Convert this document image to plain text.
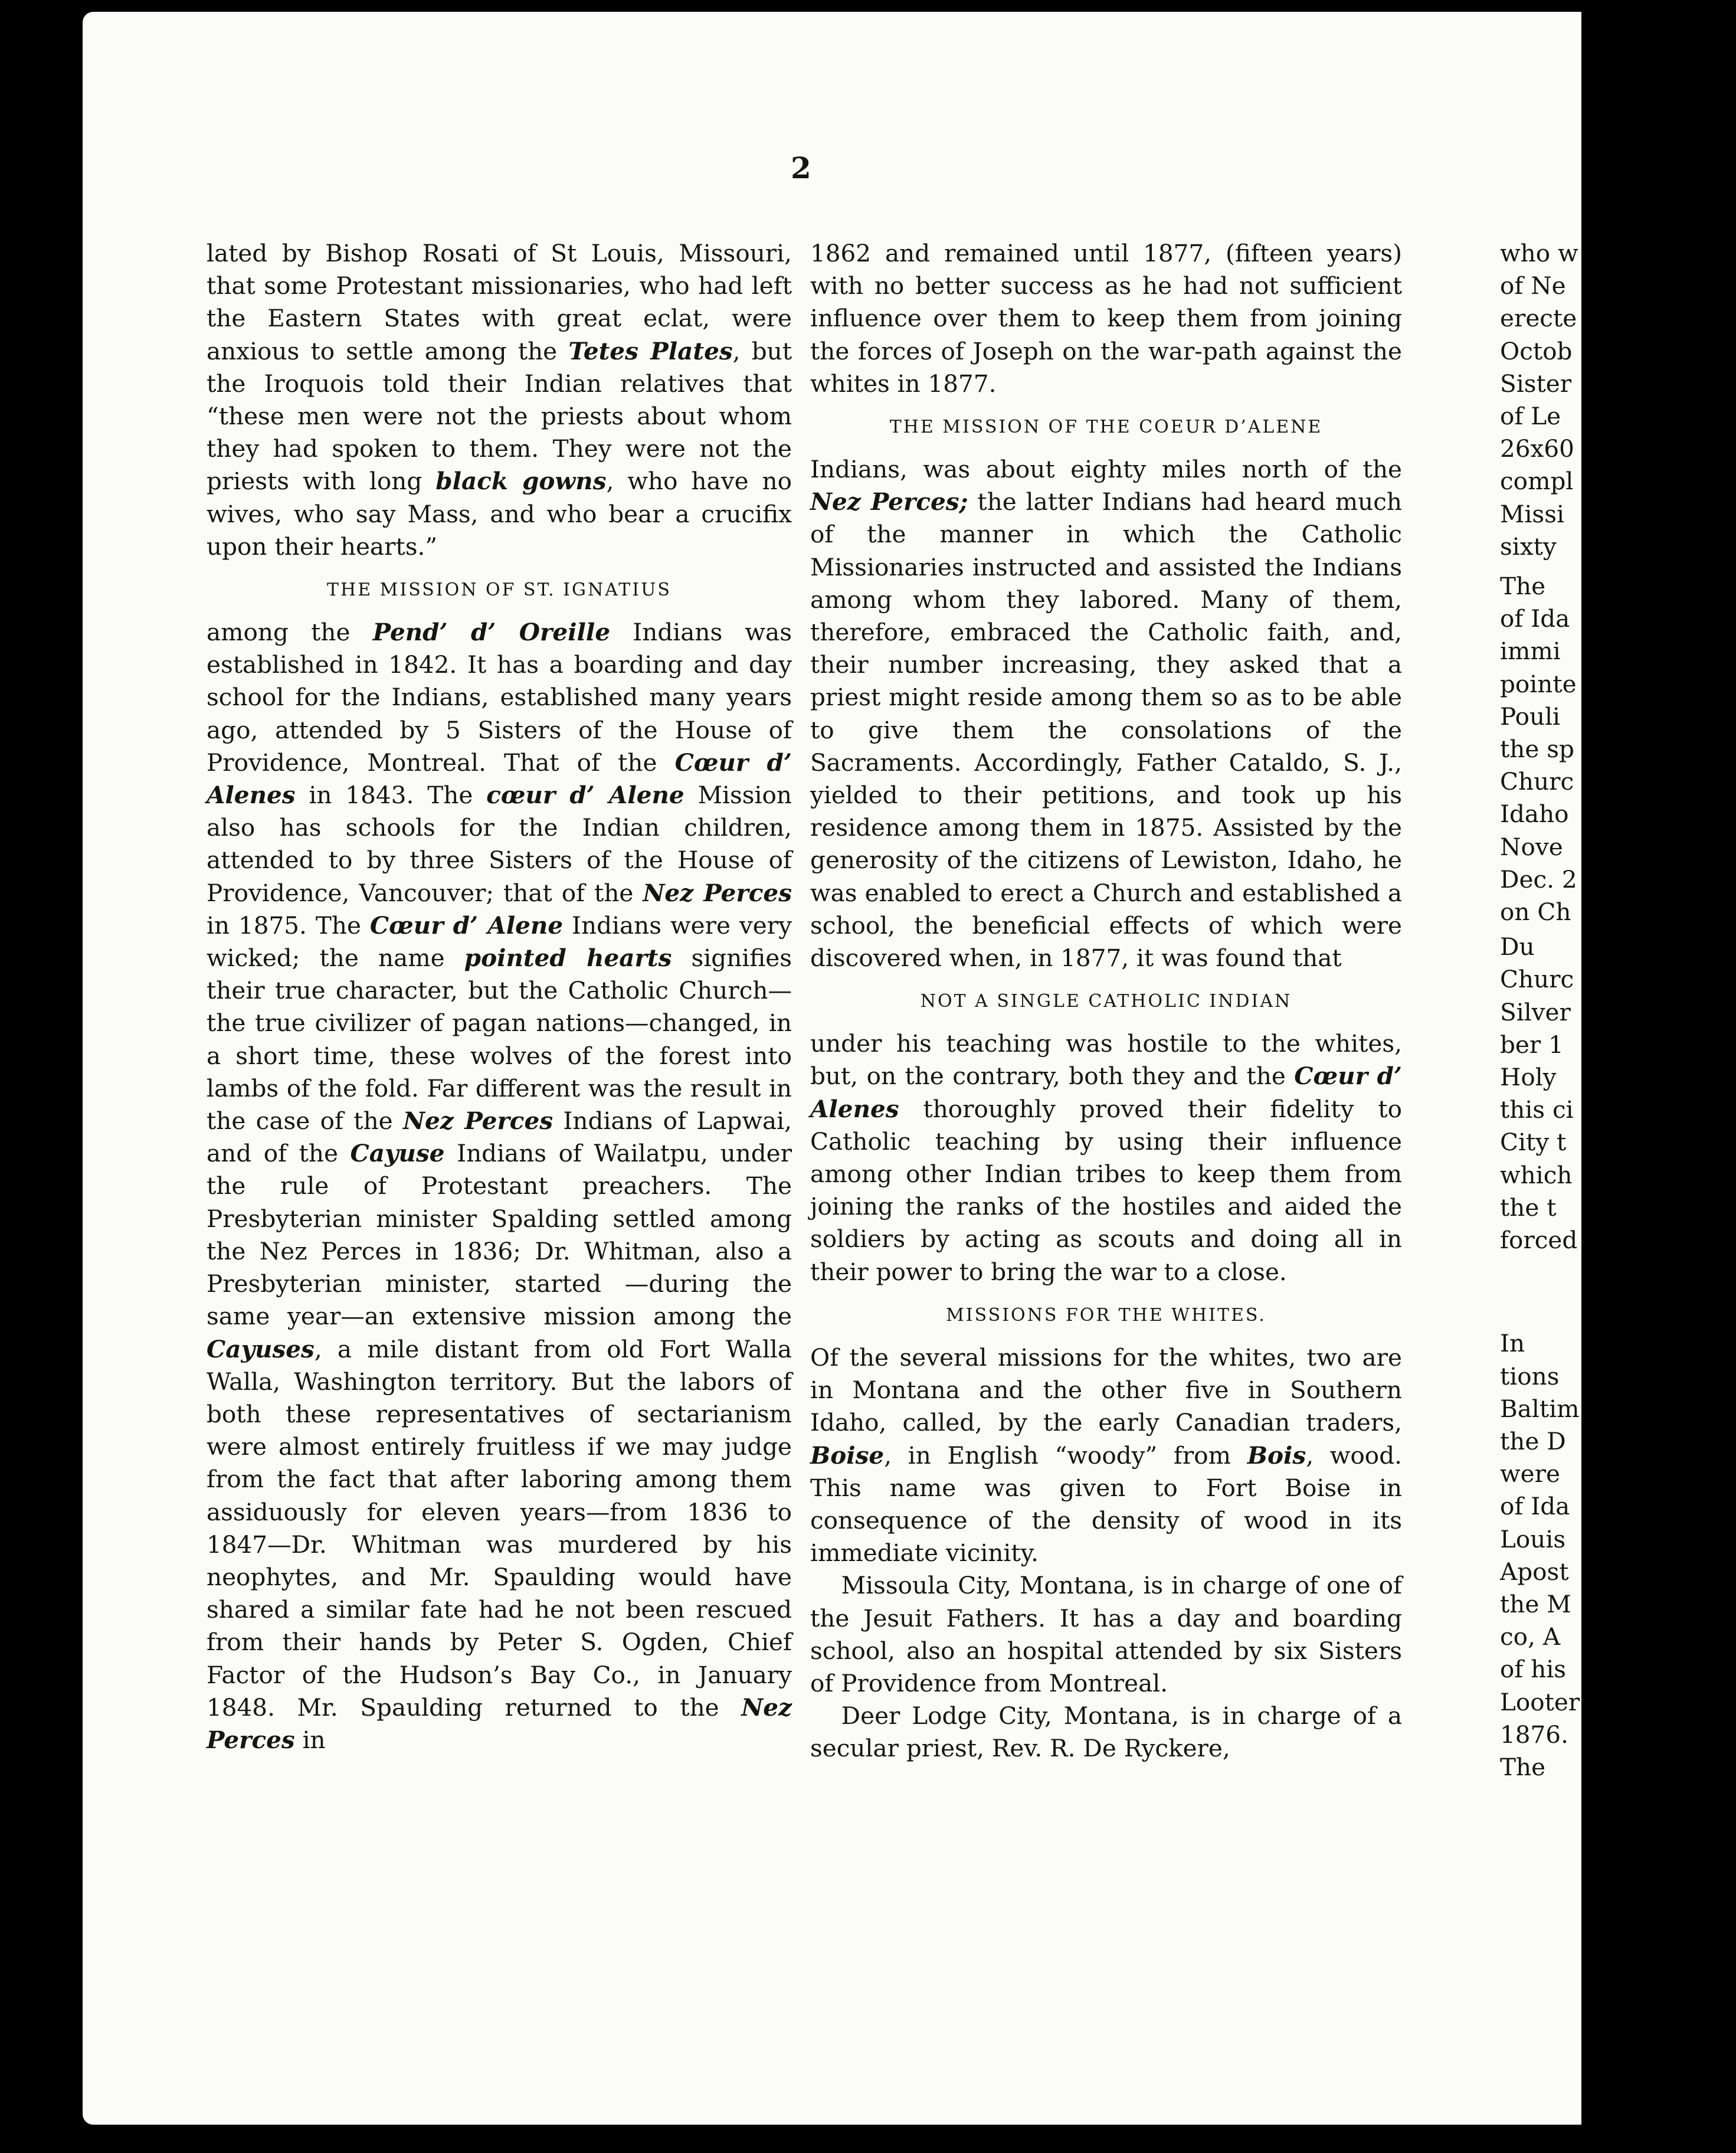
2

lated by Bishop Rosati of St Louis, Missouri, that some Protestant missionaries, who had left the Eastern States with great eclat, were anxious to settle among the Tetes Plates, but the Iroquois told their Indian relatives that “these men were not the priests about whom they had spoken to them. They were not the priests with long black gowns, who have no wives, who say Mass, and who bear a crucifix upon their hearts.”

THE MISSION OF ST. IGNATIUS

among the Pend’ d’ Oreille Indians was established in 1842. It has a boarding and day school for the Indians, established many years ago, attended by 5 Sisters of the House of Providence, Montreal. That of the Cœur d’ Alenes in 1843. The cœur d’ Alene Mission also has schools for the Indian children, attended to by three Sisters of the House of Providence, Vancouver; that of the Nez Perces in 1875. The Cœur d’ Alene Indians were very wicked; the name pointed hearts signifies their true character, but the Catholic Church—the true civilizer of pagan nations—changed, in a short time, these wolves of the forest into lambs of the fold. Far different was the result in the case of the Nez Perces Indians of Lapwai, and of the Cayuse Indians of Wailatpu, under the rule of Protestant preachers. The Presbyterian minister Spalding settled among the Nez Perces in 1836; Dr. Whitman, also a Presbyterian minister, started —during the same year—an extensive mission among the Cayuses, a mile distant from old Fort Walla Walla, Washington territory. But the labors of both these representatives of sectarianism were almost entirely fruitless if we may judge from the fact that after laboring among them assiduously for eleven years—from 1836 to 1847—Dr. Whitman was murdered by his neophytes, and Mr. Spaulding would have shared a similar fate had he not been rescued from their hands by Peter S. Ogden, Chief Factor of the Hudson’s Bay Co., in January 1848. Mr. Spaulding returned to the Nez Perces in

1862 and remained until 1877, (fifteen years) with no better success as he had not sufficient influence over them to keep them from joining the forces of Joseph on the war-path against the whites in 1877.

THE MISSION OF THE COEUR D’ALENE

Indians, was about eighty miles north of the Nez Perces; the latter Indians had heard much of the manner in which the Catholic Missionaries instructed and assisted the Indians among whom they labored. Many of them, therefore, embraced the Catholic faith, and, their number increasing, they asked that a priest might reside among them so as to be able to give them the consolations of the Sacraments. Accordingly, Father Cataldo, S. J., yielded to their petitions, and took up his residence among them in 1875. Assisted by the generosity of the citizens of Lewiston, Idaho, he was enabled to erect a Church and established a school, the beneficial effects of which were discovered when, in 1877, it was found that

NOT A SINGLE CATHOLIC INDIAN

under his teaching was hostile to the whites, but, on the contrary, both they and the Cœur d’ Alenes thoroughly proved their fidelity to Catholic teaching by using their influence among other Indian tribes to keep them from joining the ranks of the hostiles and aided the soldiers by acting as scouts and doing all in their power to bring the war to a close.

MISSIONS FOR THE WHITES.

Of the several missions for the whites, two are in Montana and the other five in Southern Idaho, called, by the early Canadian traders, Boise, in English “woody” from Bois, wood. This name was given to Fort Boise in consequence of the density of wood in its immediate vicinity.

Missoula City, Montana, is in charge of one of the Jesuit Fathers. It has a day and boarding school, also an hospital attended by six Sisters of Providence from Montreal.

Deer Lodge City, Montana, is in charge of a secular priest, Rev. R. De Ryckere,

who w
of Ne
erecte
Octob
Sister
of Le
26x60
compl
Missi
sixty
The
of Ida
immi
pointe
Pouli
the sp
Churc
Idaho
Nove
Dec. 2
on Ch
Du
Churc
Silver
ber 1
Holy
this ci
City t
which
the t
forced
In
tions
Baltim
the D
were
of Ida
Louis
Apost
the M
co, A
of his
Looter
1876.
The
